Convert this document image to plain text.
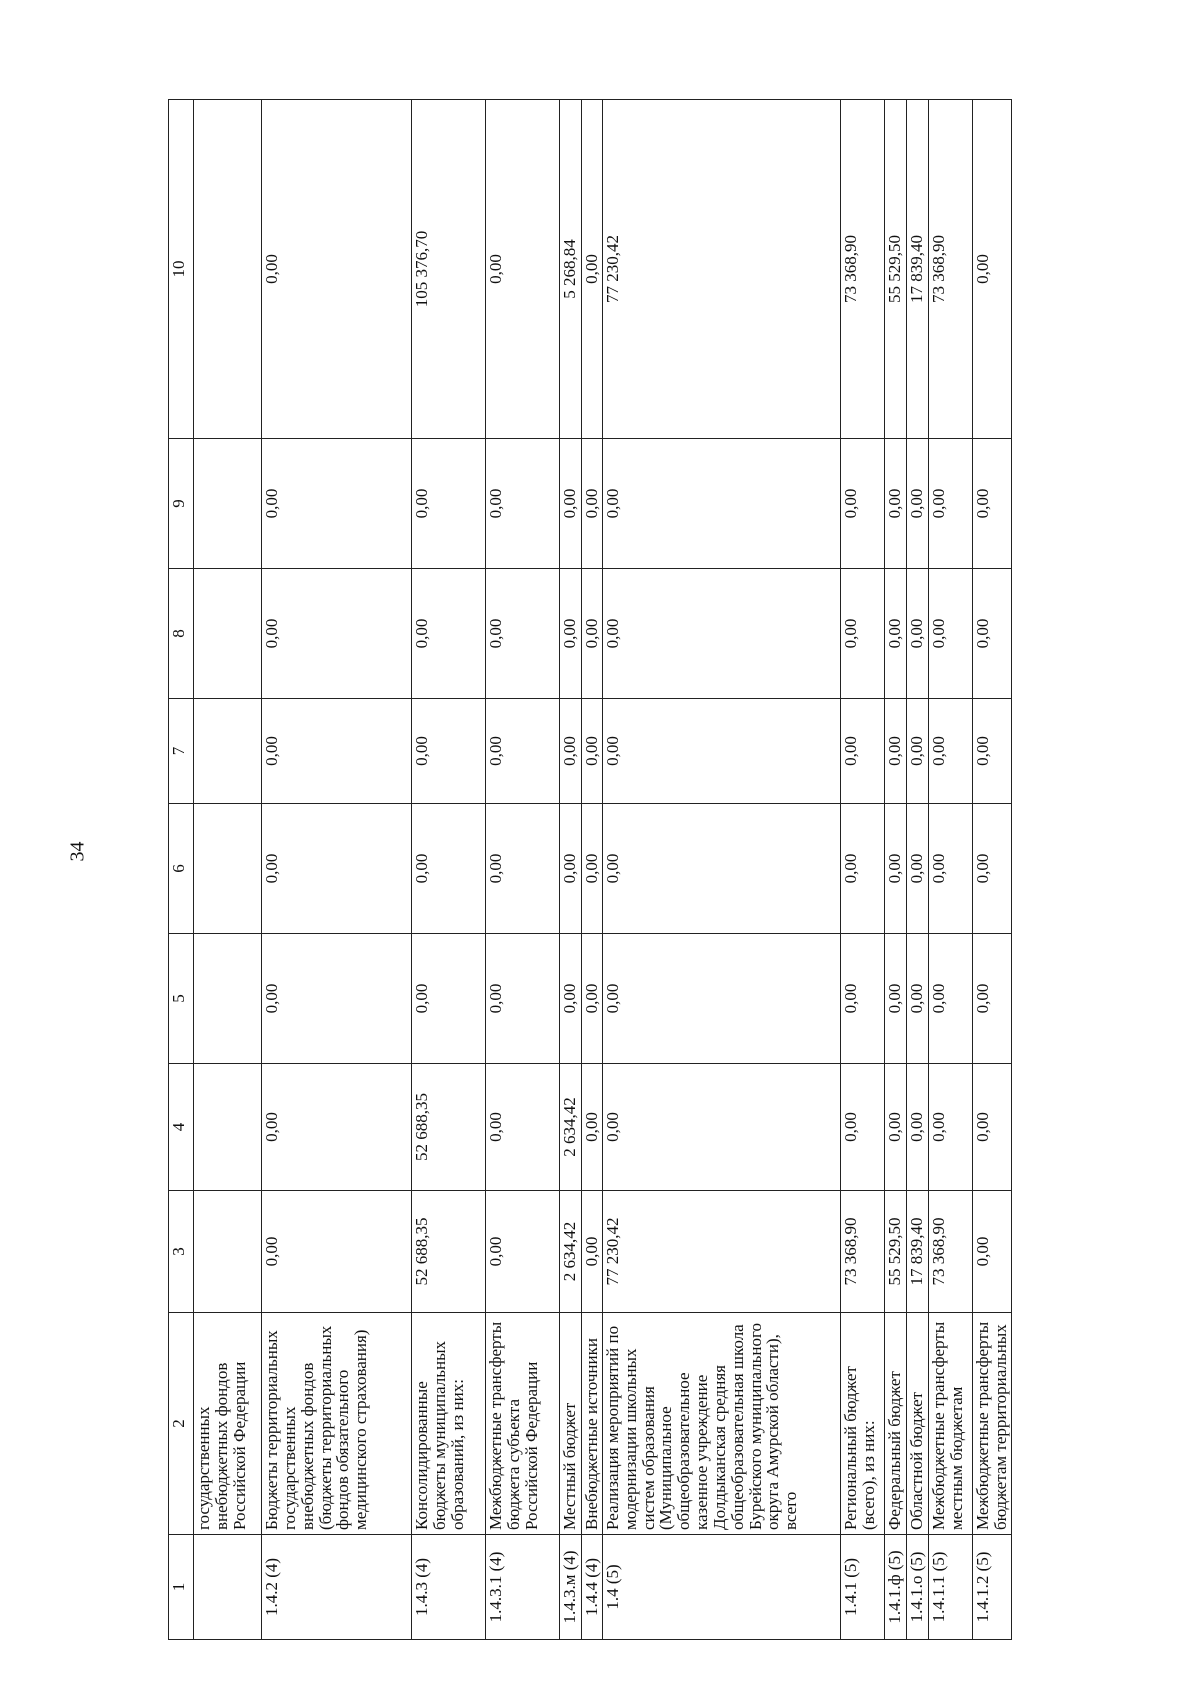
34
1	2	3	4	5	6	7	8	9	10
	государственных внебюджетных фондов Российской Федерации								
1.4.2 (4)	Бюджеты территориальных государственных внебюджетных фондов (бюджеты территориальных фондов обязательного медицинского страхования)	0,00	0,00	0,00	0,00	0,00	0,00	0,00	0,00
1.4.3 (4)	Консолидированные бюджеты муниципальных образований, из них:	52 688,35	52 688,35	0,00	0,00	0,00	0,00	0,00	105 376,70
1.4.3.1 (4)	Межбюджетные трансферты бюджета субъекта Российской Федерации	0,00	0,00	0,00	0,00	0,00	0,00	0,00	0,00
1.4.3.м (4)	Местный бюджет	2 634,42	2 634,42	0,00	0,00	0,00	0,00	0,00	5 268,84
1.4.4 (4)	Внебюджетные источники	0,00	0,00	0,00	0,00	0,00	0,00	0,00	0,00
1.4 (5)	Реализация мероприятий по модернизации школьных систем образования (Муниципальное общеобразовательное казенное учреждение Долдыканская средняя общеобразовательная школа Бурейского муниципального округа Амурской области), всего	77 230,42	0,00	0,00	0,00	0,00	0,00	0,00	77 230,42
1.4.1 (5)	Региональный бюджет (всего), из них:	73 368,90	0,00	0,00	0,00	0,00	0,00	0,00	73 368,90
1.4.1.ф (5)	Федеральный бюджет	55 529,50	0,00	0,00	0,00	0,00	0,00	0,00	55 529,50
1.4.1.о (5)	Областной бюджет	17 839,40	0,00	0,00	0,00	0,00	0,00	0,00	17 839,40
1.4.1.1 (5)	Межбюджетные трансферты местным бюджетам	73 368,90	0,00	0,00	0,00	0,00	0,00	0,00	73 368,90
1.4.1.2 (5)	Межбюджетные трансферты бюджетам территориальных	0,00	0,00	0,00	0,00	0,00	0,00	0,00	0,00
